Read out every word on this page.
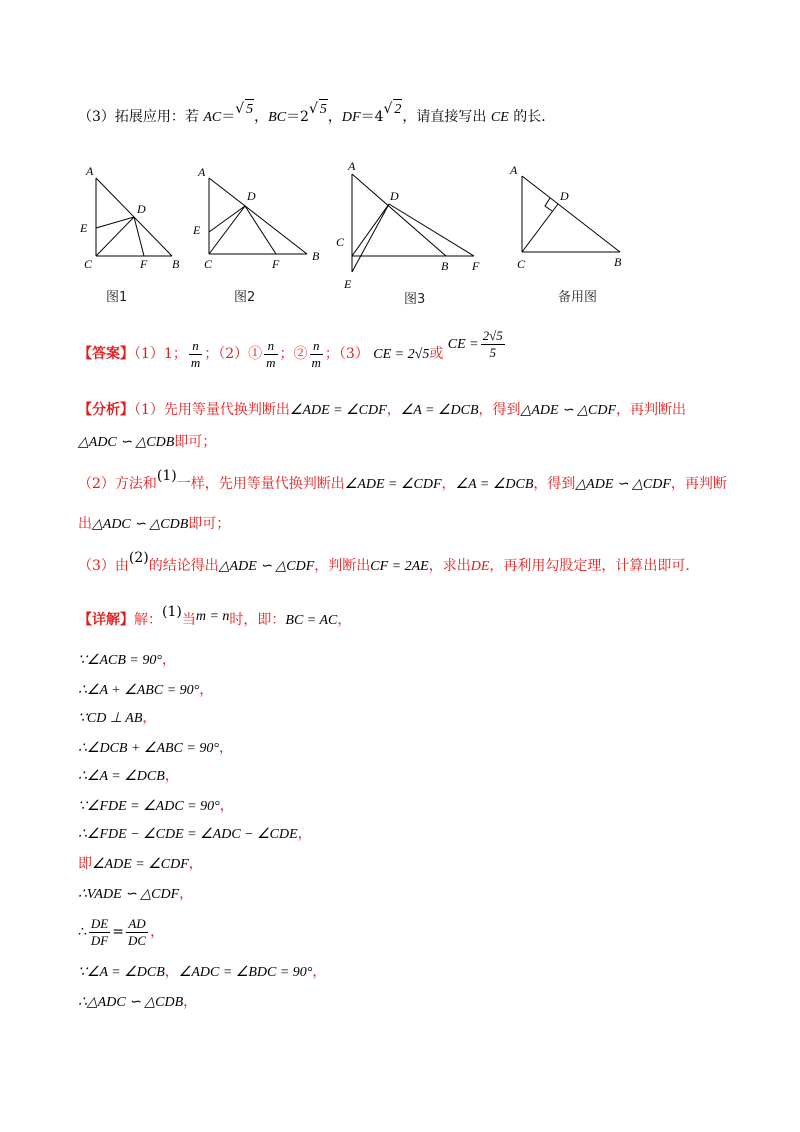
（3）拓展应用：若 AC＝√ 5，BC＝2√ 5，DF＝4√ 2，请直接写出 CE 的长.
A
D
E
C	F B
A
D
E
C	F
B
A
D
C
B F
E
A
D
C	B
图1	图2	图3	备用图
【答案】（1）1； $\frac{n}{m}$ ；（2）① $\frac{n}{m}$ ；② $\frac{n}{m}$ ；（3） CE = 2√5或 CE = $\frac{2√5}{5}$
【分析】（1）先用等量代换判断出∠ADE = ∠CDF，∠A = ∠DCB，得到△ADE ∽ △CDF，再判断出
△ADC ∽ △CDB即可；
（2）方法和(1)一样，先用等量代换判断出∠ADE = ∠CDF，∠A = ∠DCB，得到△ADE ∽ △CDF，再判断
出△ADC ∽ △CDB即可；
（3）由(2)的结论得出△ADE ∽ △CDF，判断出CF = 2AE，求出DE，再利用勾股定理，计算出即可.
【详解】解：(1)当m = n时，即：BC = AC，
∵∠ACB = 90°，
∴∠A + ∠ABC = 90°，
∵CD ⊥ AB，
∴∠DCB + ∠ABC = 90°，
∴∠A = ∠DCB，
∵∠FDE = ∠ADC = 90°，
∴∠FDE − ∠CDE = ∠ADC − ∠CDE，
即∠ADE = ∠CDF，
∴VADE ∽ △CDF，
∴ $\frac{DE}{DF} = \frac{AD}{DC}$ ，
∵∠A = ∠DCB，∠ADC = ∠BDC = 90°，
∴△ADC ∽ △CDB，
